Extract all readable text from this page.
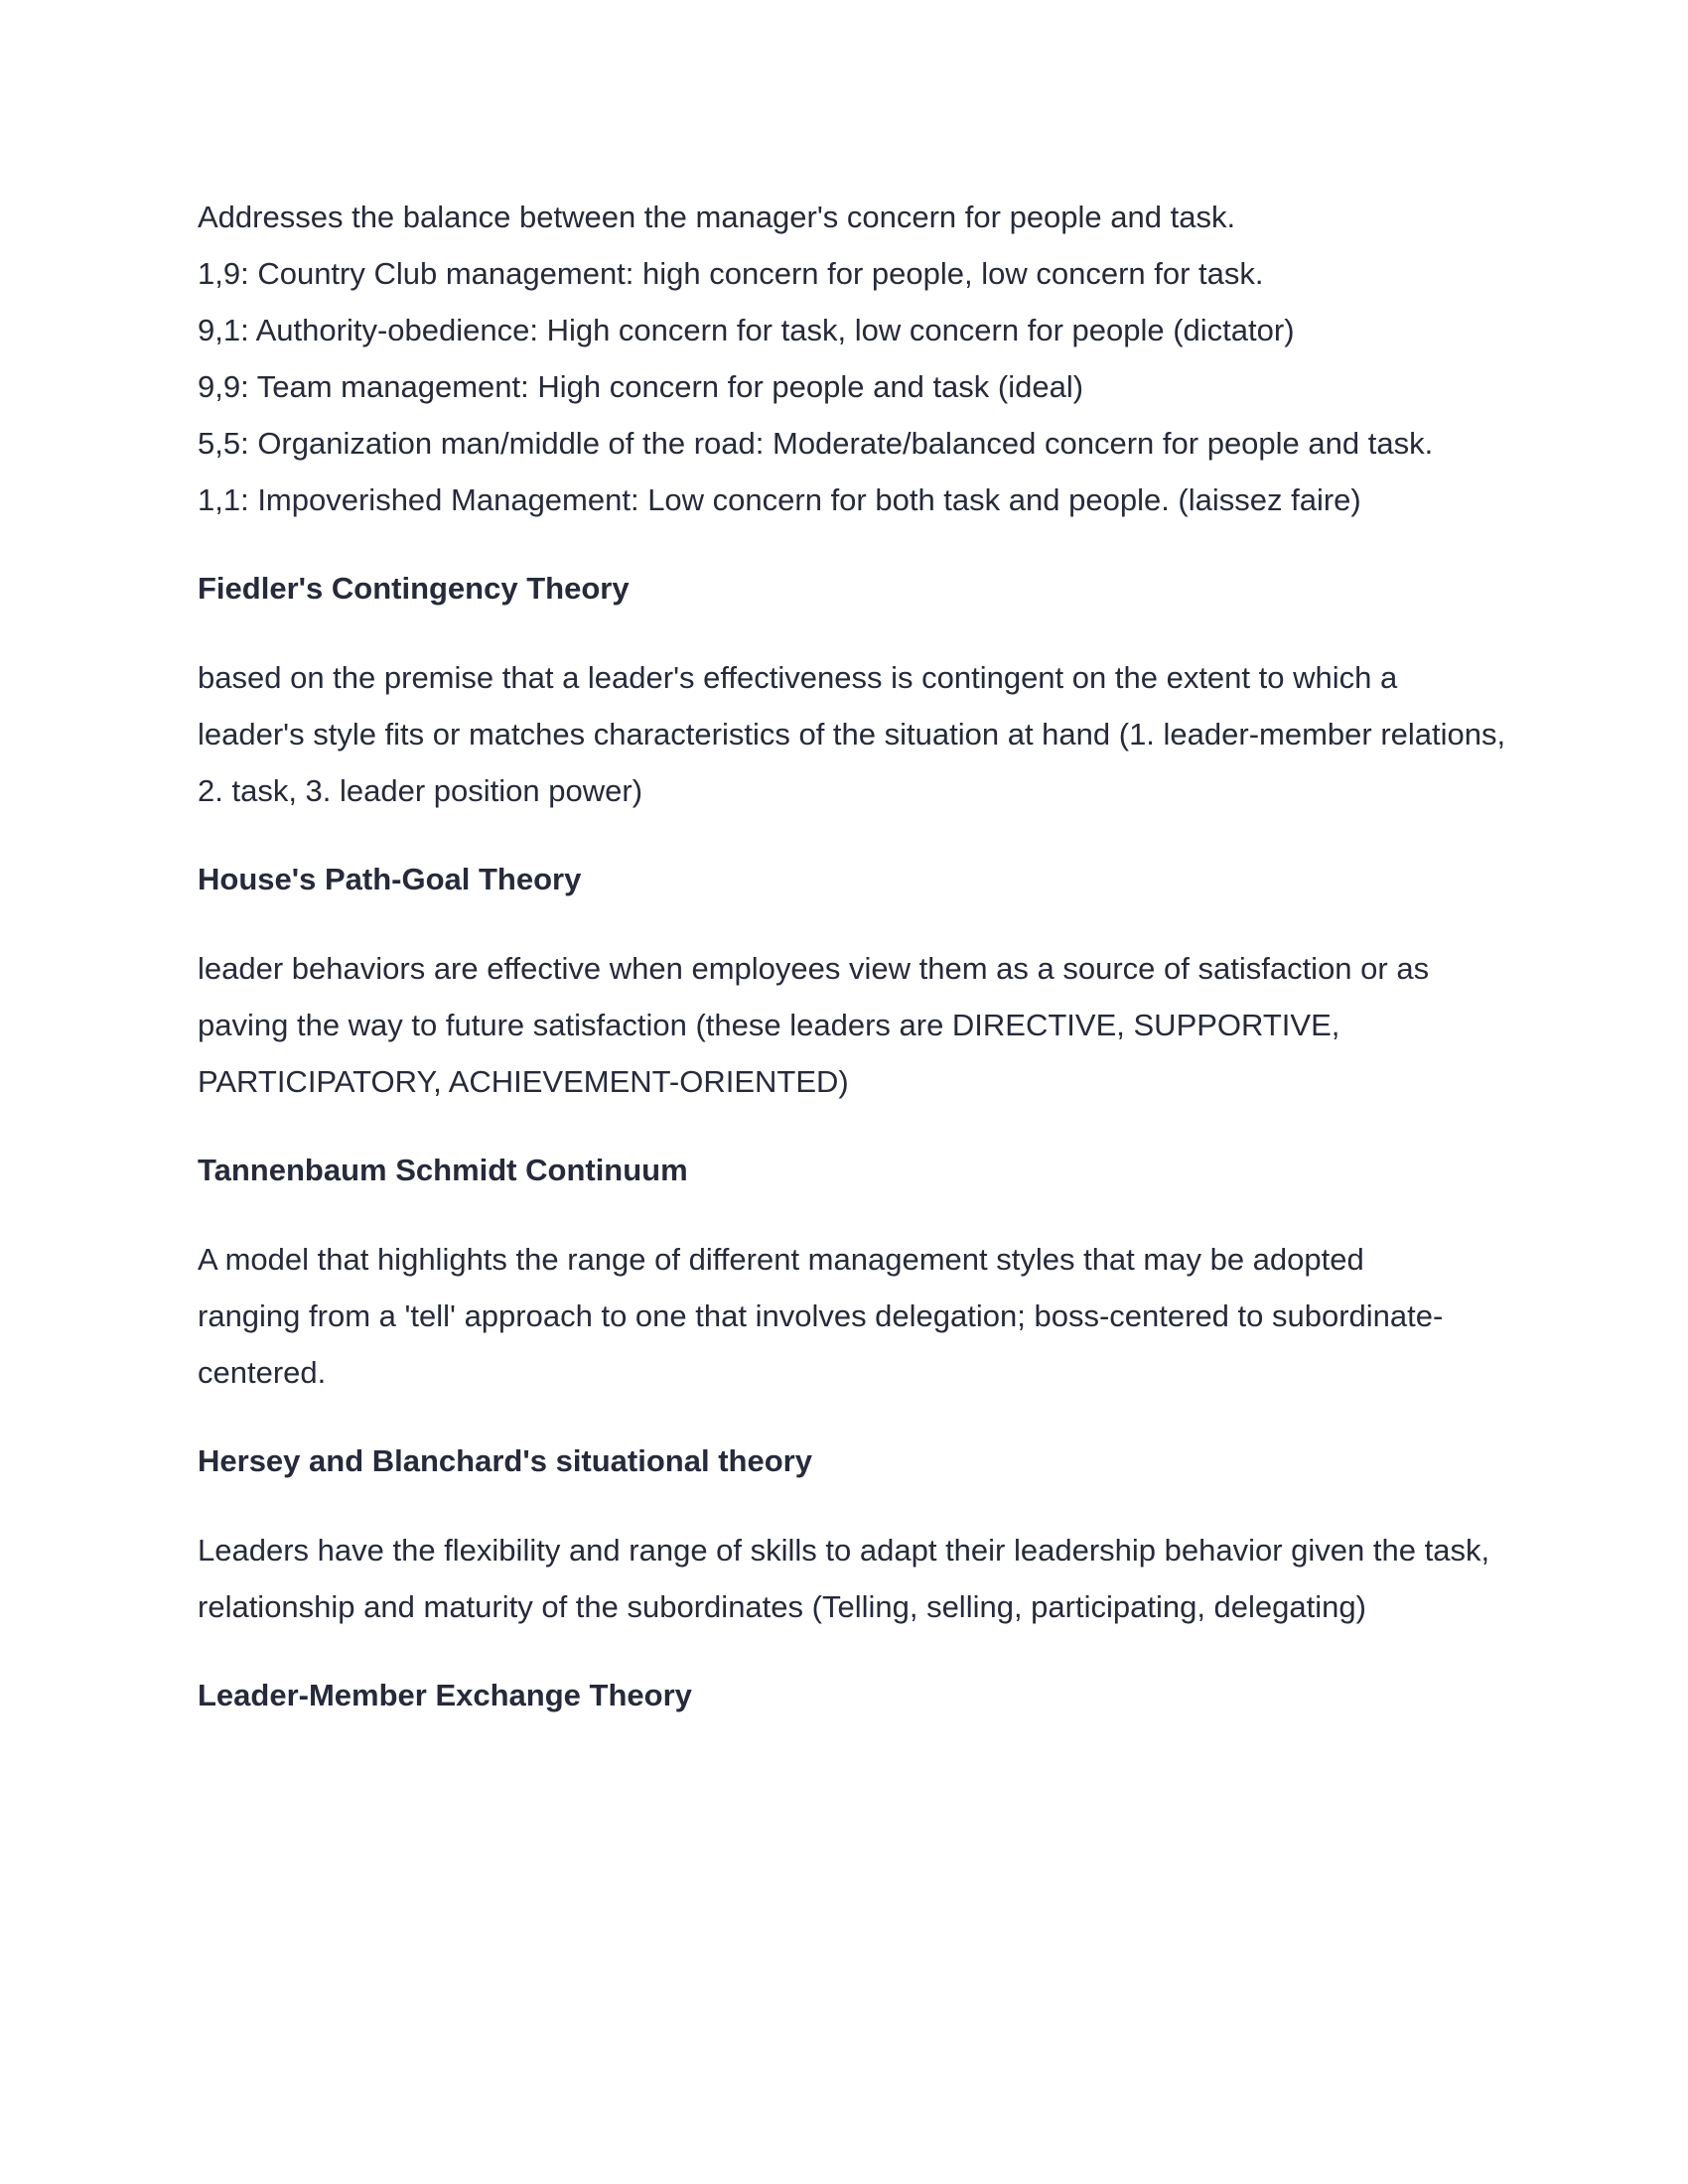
Addresses the balance between the manager's concern for people and task.

1,9: Country Club management: high concern for people, low concern for task.

9,1: Authority-obedience: High concern for task, low concern for people (dictator)

9,9: Team management: High concern for people and task (ideal)

5,5: Organization man/middle of the road: Moderate/balanced concern for people and task.

1,1: Impoverished Management: Low concern for both task and people. (laissez faire)

Fiedler's Contingency Theory

based on the premise that a leader's effectiveness is contingent on the extent to which a leader's style fits or matches characteristics of the situation at hand (1. leader-member relations, 2. task, 3. leader position power)

House's Path-Goal Theory

leader behaviors are effective when employees view them as a source of satisfaction or as paving the way to future satisfaction (these leaders are DIRECTIVE, SUPPORTIVE, PARTICIPATORY, ACHIEVEMENT-ORIENTED)

Tannenbaum Schmidt Continuum

A model that highlights the range of different management styles that may be adopted ranging from a 'tell' approach to one that involves delegation; boss-centered to subordinate-centered.

Hersey and Blanchard's situational theory

Leaders have the flexibility and range of skills to adapt their leadership behavior given the task, relationship and maturity of the subordinates (Telling, selling, participating, delegating)

Leader-Member Exchange Theory
